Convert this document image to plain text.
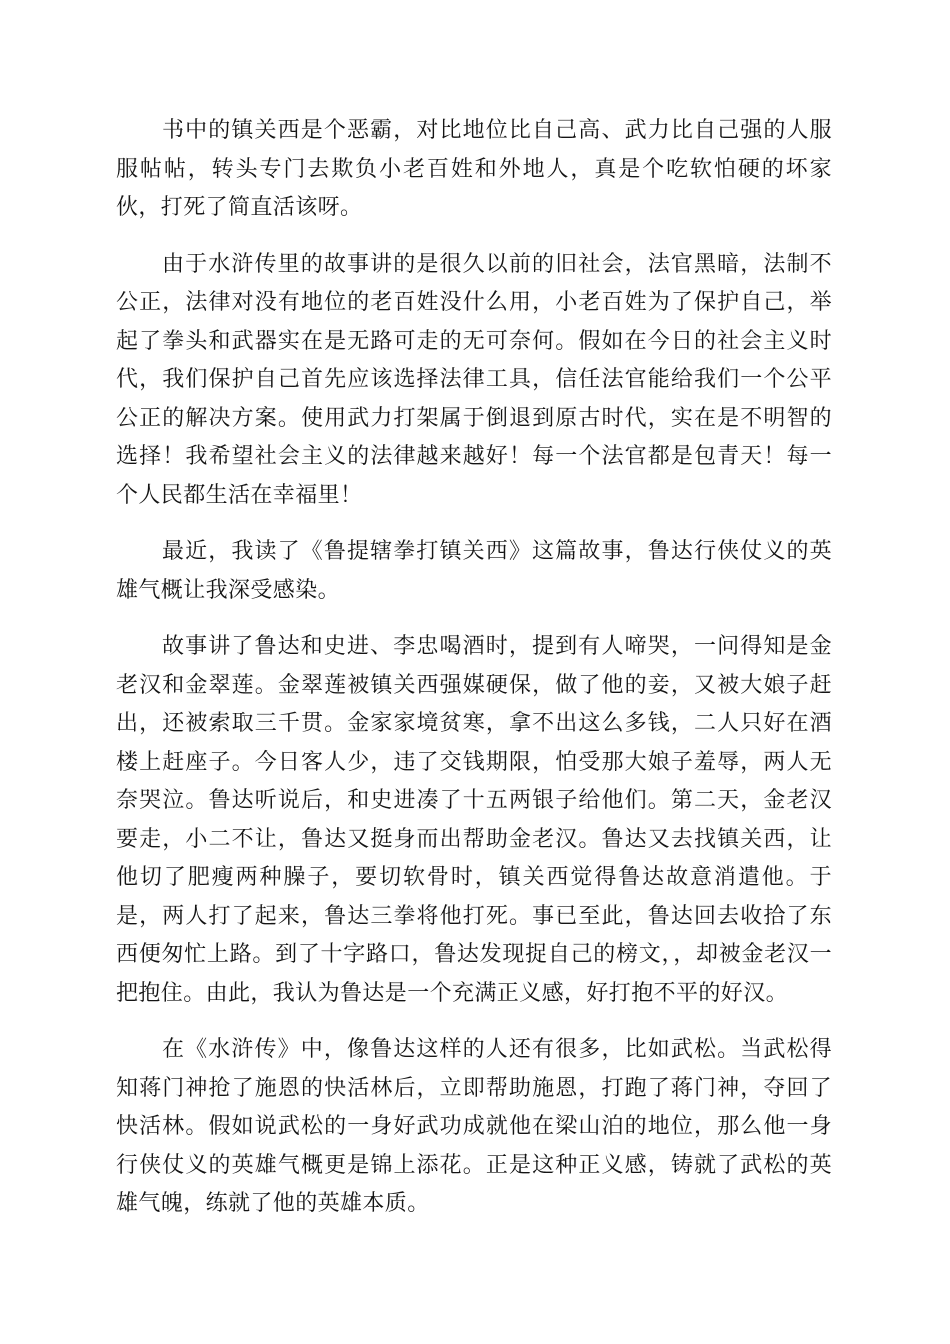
书中的镇关西是个恶霸，对比地位比自己高、武力比自己强的人服服帖帖，转头专门去欺负小老百姓和外地人，真是个吃软怕硬的坏家伙，打死了简直活该呀。

由于水浒传里的故事讲的是很久以前的旧社会，法官黑暗，法制不公正，法律对没有地位的老百姓没什么用，小老百姓为了保护自己，举起了拳头和武器实在是无路可走的无可奈何。假如在今日的社会主义时代，我们保护自己首先应该选择法律工具，信任法官能给我们一个公平公正的解决方案。使用武力打架属于倒退到原古时代，实在是不明智的选择！我希望社会主义的法律越来越好！每一个法官都是包青天！每一个人民都生活在幸福里！

最近，我读了《鲁提辖拳打镇关西》这篇故事，鲁达行侠仗义的英雄气概让我深受感染。

故事讲了鲁达和史进、李忠喝酒时，提到有人啼哭，一问得知是金老汉和金翠莲。金翠莲被镇关西强媒硬保，做了他的妾，又被大娘子赶出，还被索取三千贯。金家家境贫寒，拿不出这么多钱，二人只好在酒楼上赶座子。今日客人少，违了交钱期限，怕受那大娘子羞辱，两人无奈哭泣。鲁达听说后，和史进凑了十五两银子给他们。第二天，金老汉要走，小二不让，鲁达又挺身而出帮助金老汉。鲁达又去找镇关西，让他切了肥瘦两种臊子，要切软骨时，镇关西觉得鲁达故意消遣他。于是，两人打了起来，鲁达三拳将他打死。事已至此，鲁达回去收拾了东西便匆忙上路。到了十字路口，鲁达发现捉自己的榜文，，却被金老汉一把抱住。由此，我认为鲁达是一个充满正义感，好打抱不平的好汉。

在《水浒传》中，像鲁达这样的人还有很多，比如武松。当武松得知蒋门神抢了施恩的快活林后，立即帮助施恩，打跑了蒋门神，夺回了快活林。假如说武松的一身好武功成就他在梁山泊的地位，那么他一身行侠仗义的英雄气概更是锦上添花。正是这种正义感，铸就了武松的英雄气魄，练就了他的英雄本质。
